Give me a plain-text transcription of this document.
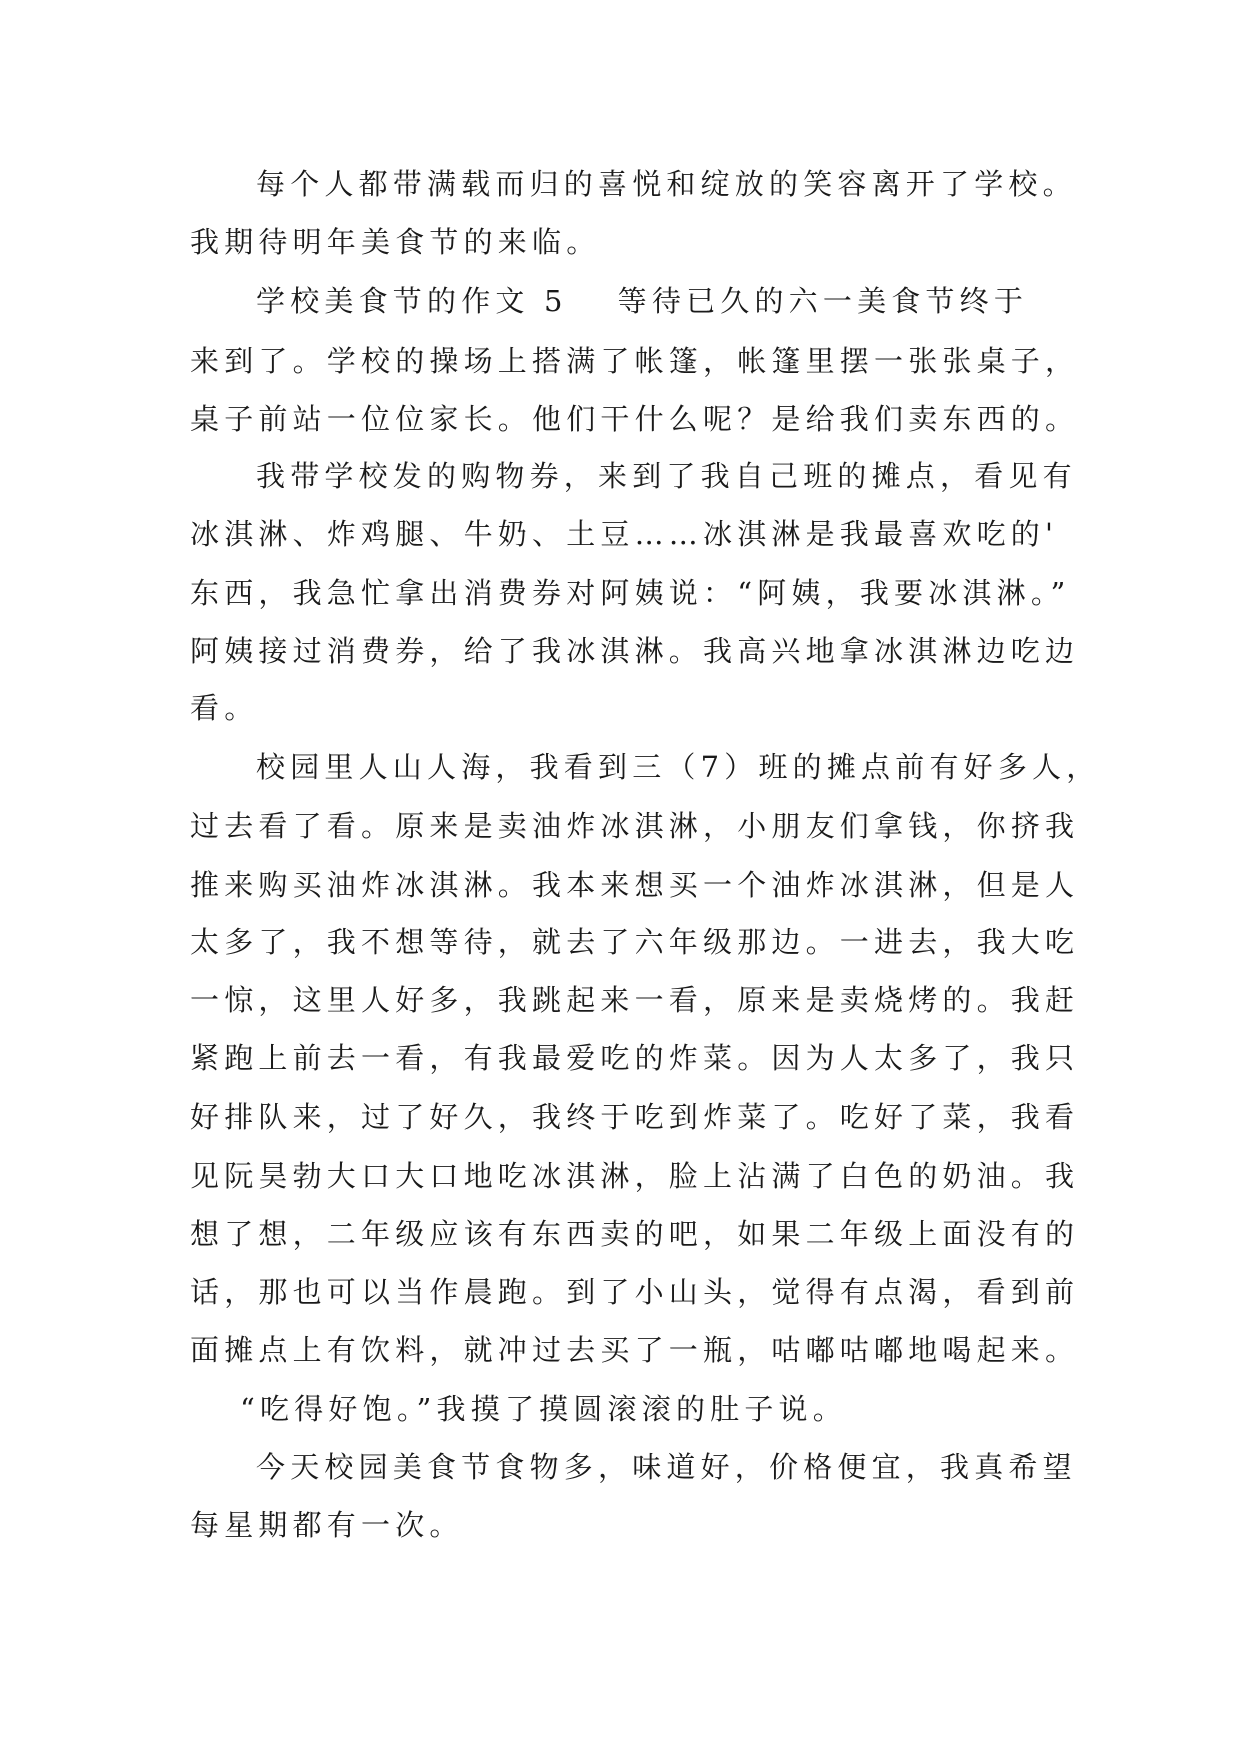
每个人都带满载而归的喜悦和绽放的笑容离开了学校。
我期待明年美食节的来临。
学校美食节的作文 5 等待已久的六一美食节终于
来到了。学校的操场上搭满了帐篷，帐篷里摆一张张桌子，
桌子前站一位位家长。他们干什么呢？是给我们卖东西的。
我带学校发的购物券，来到了我自己班的摊点，看见有
冰淇淋、炸鸡腿、牛奶、土豆……冰淇淋是我最喜欢吃的'
东西，我急忙拿出消费券对阿姨说：“阿姨，我要冰淇淋。”
阿姨接过消费券，给了我冰淇淋。我高兴地拿冰淇淋边吃边
看。
校园里人山人海，我看到三（7）班的摊点前有好多人，
过去看了看。原来是卖油炸冰淇淋，小朋友们拿钱，你挤我
推来购买油炸冰淇淋。我本来想买一个油炸冰淇淋，但是人
太多了，我不想等待，就去了六年级那边。一进去，我大吃
一惊，这里人好多，我跳起来一看，原来是卖烧烤的。我赶
紧跑上前去一看，有我最爱吃的炸菜。因为人太多了，我只
好排队来，过了好久，我终于吃到炸菜了。吃好了菜，我看
见阮昊勃大口大口地吃冰淇淋，脸上沾满了白色的奶油。我
想了想，二年级应该有东西卖的吧，如果二年级上面没有的
话，那也可以当作晨跑。到了小山头，觉得有点渴，看到前
面摊点上有饮料，就冲过去买了一瓶，咕嘟咕嘟地喝起来。
“吃得好饱。”我摸了摸圆滚滚的肚子说。
今天校园美食节食物多，味道好，价格便宜，我真希望
每星期都有一次。
